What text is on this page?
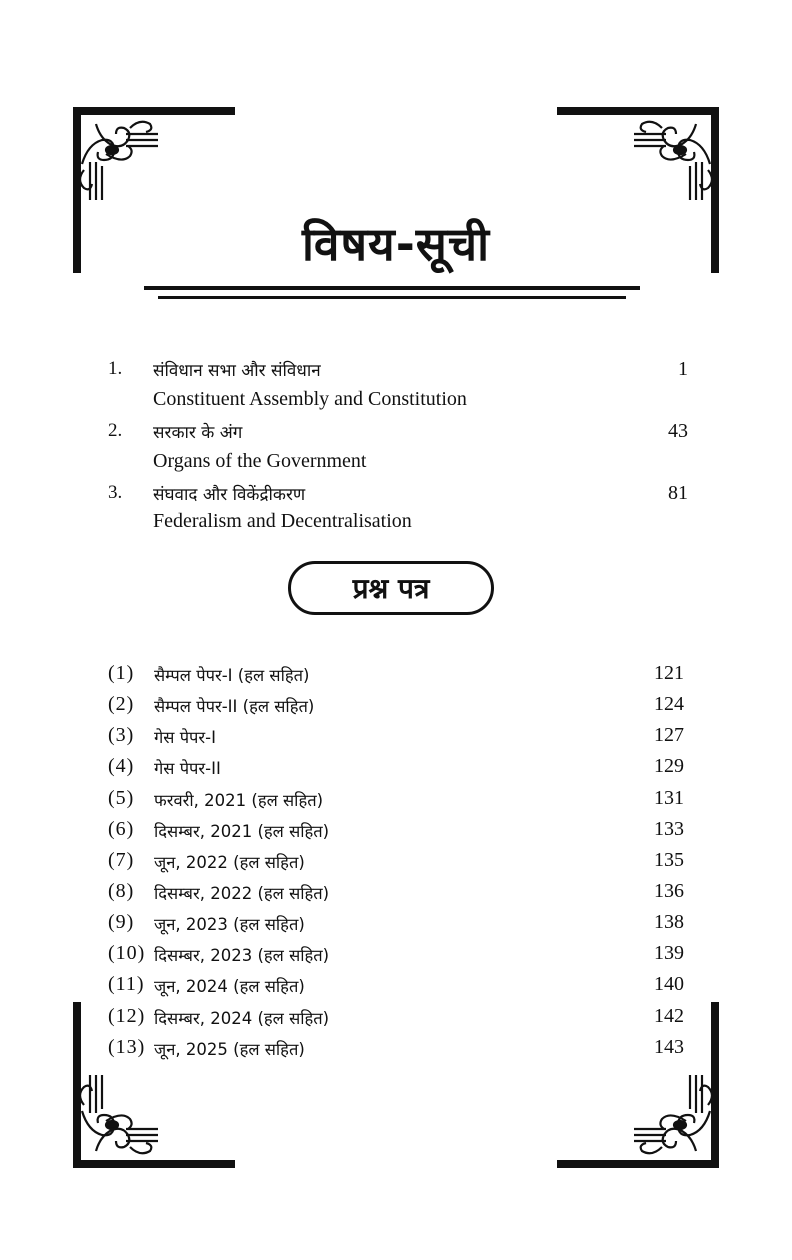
विषय-सूची
1. संविधान सभा और संविधान	1
Constituent Assembly and Constitution
2. सरकार के अंग	43
Organs of the Government
3. संघवाद और विकेंद्रीकरण	81
Federalism and Decentralisation
प्रश्न पत्र
(1) सैम्पल पेपर-I (हल सहित)	121
(2) सैम्पल पेपर-II (हल सहित)	124
(3) गेस पेपर-I	127
(4) गेस पेपर-II	129
(5) फरवरी, 2021 (हल सहित)	131
(6) दिसम्बर, 2021 (हल सहित)	133
(7) जून, 2022 (हल सहित)	135
(8) दिसम्बर, 2022 (हल सहित)	136
(9) जून, 2023 (हल सहित)	138
(10) दिसम्बर, 2023 (हल सहित)	139
(11) जून, 2024 (हल सहित)	140
(12) दिसम्बर, 2024 (हल सहित)	142
(13) जून, 2025 (हल सहित)	143
